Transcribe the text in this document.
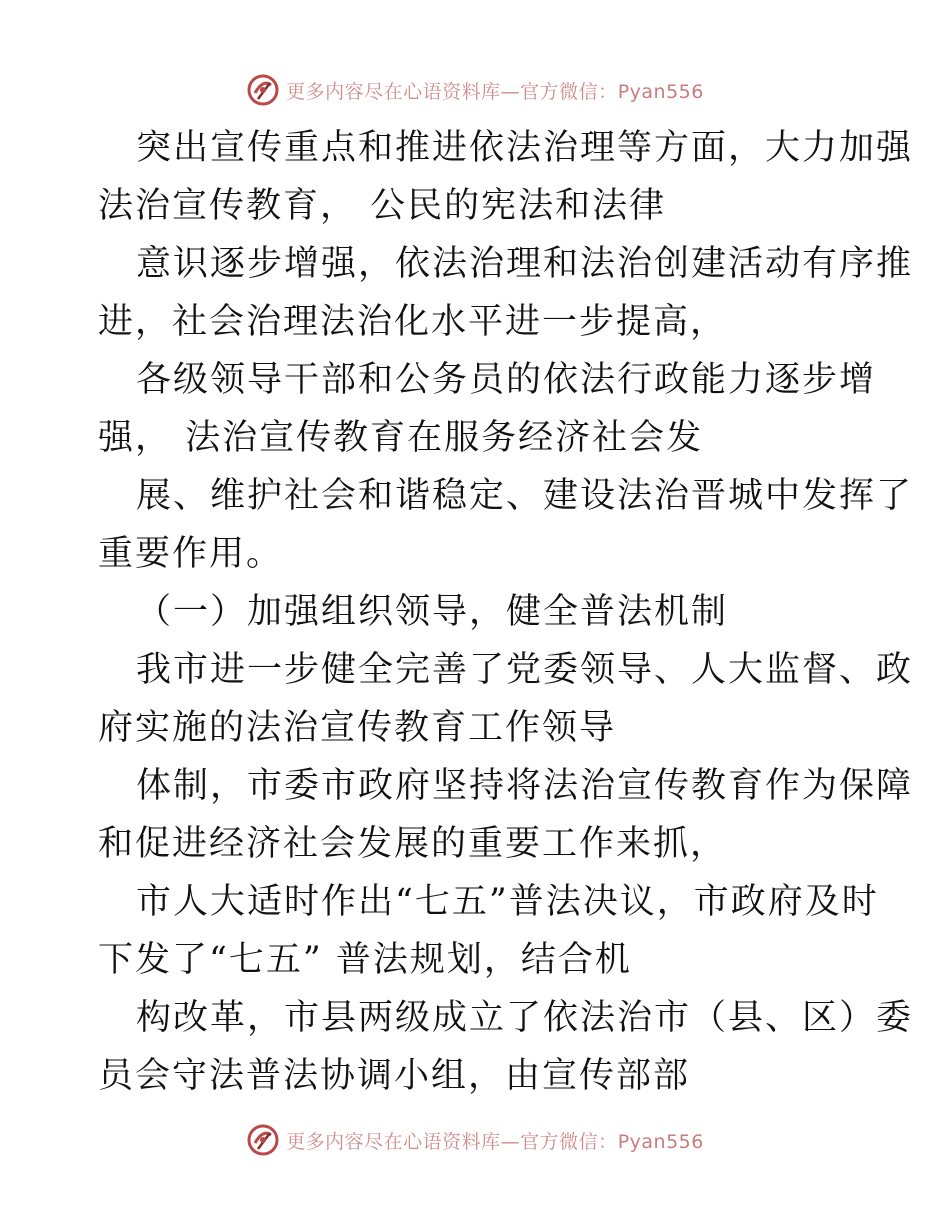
更多内容尽在心语资料库—官方微信：Pyan556
突出宣传重点和推进依法治理等方面，大力加强
法治宣传教育， 公民的宪法和法律
意识逐步增强，依法治理和法治创建活动有序推
进，社会治理法治化水平进一步提高，
各级领导干部和公务员的依法行政能力逐步增
强， 法治宣传教育在服务经济社会发
展、维护社会和谐稳定、建设法治晋城中发挥了
重要作用。
（一）加强组织领导，健全普法机制
我市进一步健全完善了党委领导、人大监督、政
府实施的法治宣传教育工作领导
体制，市委市政府坚持将法治宣传教育作为保障
和促进经济社会发展的重要工作来抓，
市人大适时作出“七五”普法决议，市政府及时
下发了“七五” 普法规划，结合机
构改革，市县两级成立了依法治市（县、区）委
员会守法普法协调小组，由宣传部部
更多内容尽在心语资料库—官方微信：Pyan556
